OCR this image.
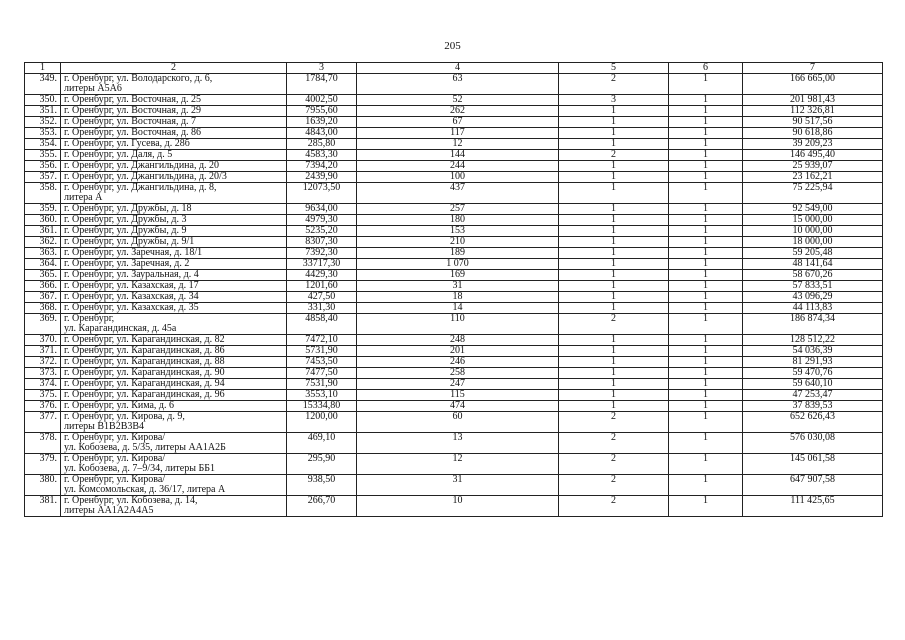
205
1	2	3	4	5	6	7
349.	г. Оренбург, ул. Володарского, д. 6,
литеры А5А6	1784,70	63	2	1	166 665,00
350.	г. Оренбург, ул. Восточная, д. 25	4002,50	52	3	1	201 981,43
351.	г. Оренбург, ул. Восточная, д. 29	7955,60	262	1	1	112 326,81
352.	г. Оренбург, ул. Восточная, д. 7	1639,20	67	1	1	90 517,56
353.	г. Оренбург, ул. Восточная, д. 86	4843,00	117	1	1	90 618,86
354.	г. Оренбург, ул. Гусева, д. 28б	285,80	12	1	1	39 209,23
355.	г. Оренбург, ул. Даля, д. 5	4583,30	144	2	1	146 495,40
356.	г. Оренбург, ул. Джангильдина, д. 20	7394,20	244	1	1	25 939,07
357.	г. Оренбург, ул. Джангильдина, д. 20/3	2439,90	100	1	1	23 162,21
358.	г. Оренбург, ул. Джангильдина, д. 8,
литера А	12073,50	437	1	1	75 225,94
359.	г. Оренбург, ул. Дружбы, д. 18	9634,00	257	1	1	92 549,00
360.	г. Оренбург, ул. Дружбы, д. 3	4979,30	180	1	1	15 000,00
361.	г. Оренбург, ул. Дружбы, д. 9	5235,20	153	1	1	10 000,00
362.	г. Оренбург, ул. Дружбы, д. 9/1	8307,30	210	1	1	18 000,00
363.	г. Оренбург, ул. Заречная, д. 18/1	7392,30	189	1	1	59 205,48
364.	г. Оренбург, ул. Заречная, д. 2	33717,30	1 070	1	1	48 141,64
365.	г. Оренбург, ул. Зауральная, д. 4	4429,30	169	1	1	58 670,26
366.	г. Оренбург, ул. Казахская, д. 17	1201,60	31	1	1	57 833,51
367.	г. Оренбург, ул. Казахская, д. 34	427,50	18	1	1	43 096,29
368.	г. Оренбург, ул. Казахская, д. 35	331,30	14	1	1	44 113,83
369.	г. Оренбург,
ул. Карагандинская, д. 45а	4858,40	110	2	1	186 874,34
370.	г. Оренбург, ул. Карагандинская, д. 82	7472,10	248	1	1	128 512,22
371.	г. Оренбург, ул. Карагандинская, д. 86	5731,90	201	1	1	54 036,39
372.	г. Оренбург, ул. Карагандинская, д. 88	7453,50	246	1	1	81 291,93
373.	г. Оренбург, ул. Карагандинская, д. 90	7477,50	258	1	1	59 470,76
374.	г. Оренбург, ул. Карагандинская, д. 94	7531,90	247	1	1	59 640,10
375.	г. Оренбург, ул. Карагандинская, д. 96	3553,10	115	1	1	47 253,47
376.	г. Оренбург, ул. Кима, д. 6	15334,80	474	1	1	37 839,53
377.	г. Оренбург, ул. Кирова, д. 9,
литеры В1В2В3В4	1200,00	60	2	1	652 626,43
378.	г. Оренбург, ул. Кирова/
ул. Кобозева, д. 5/35, литеры АА1А2Б	469,10	13	2	1	576 030,08
379.	г. Оренбург, ул. Кирова/
ул. Кобозева, д. 7–9/34, литеры ББ1	295,90	12	2	1	145 061,58
380.	г. Оренбург, ул. Кирова/
ул. Комсомольская, д. 36/17, литера А	938,50	31	2	1	647 907,58
381.	г. Оренбург, ул. Кобозева, д. 14,
литеры АА1А2А4А5	266,70	10	2	1	111 425,65
